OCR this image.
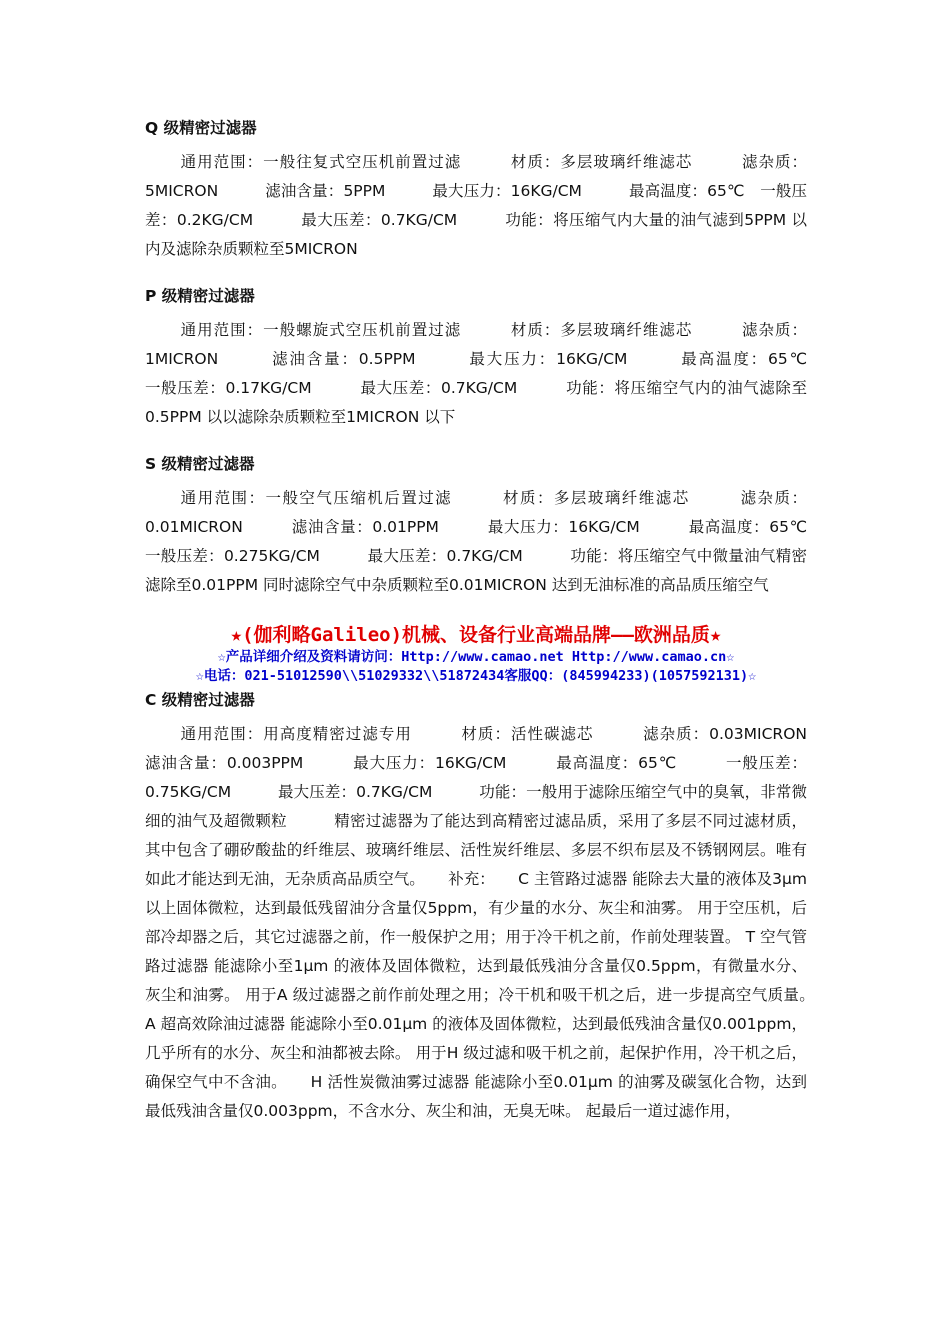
Q 级精密过滤器

通用范围：一般往复式空压机前置过滤　　　材质：多层玻璃纤维滤芯　　　滤杂质：5MICRON　　　滤油含量：5PPM　　　最大压力：16KG/CM　　　最高温度：65℃　一般压差：0.2KG/CM　　　最大压差：0.7KG/CM　　　功能：将压缩气内大量的油气滤到5PPM 以内及滤除杂质颗粒至5MICRON

P 级精密过滤器

通用范围：一般螺旋式空压机前置过滤　　　材质：多层玻璃纤维滤芯　　　滤杂质：1MICRON　　　滤油含量：0.5PPM　　　最大压力：16KG/CM　　　最高温度：65℃　　　一般压差：0.17KG/CM　　　最大压差：0.7KG/CM　　　功能：将压缩空气内的油气滤除至0.5PPM 以以滤除杂质颗粒至1MICRON 以下

S 级精密过滤器

通用范围：一般空气压缩机后置过滤　　　材质：多层玻璃纤维滤芯　　　滤杂质：0.01MICRON　　　滤油含量：0.01PPM　　　最大压力：16KG/CM　　　最高温度：65℃　　　一般压差：0.275KG/CM　　　最大压差：0.7KG/CM　　　功能：将压缩空气中微量油气精密滤除至0.01PPM 同时滤除空气中杂质颗粒至0.01MICRON 达到无油标准的高品质压缩空气

★(伽利略Galileo)机械、设备行业高端品牌——欧洲品质★
☆产品详细介绍及资料请访问：Http://www.camao.net Http://www.camao.cn☆
☆电话：021-51012590\\51029332\\51872434客服QQ：(845994233)(1057592131)☆
C 级精密过滤器

通用范围：用高度精密过滤专用　　　材质：活性碳滤芯　　　滤杂质：0.03MICRON　　　滤油含量：0.003PPM　　　最大压力：16KG/CM　　　最高温度：65℃　　　一般压差：0.75KG/CM　　　最大压差：0.7KG/CM　　　功能：一般用于滤除压缩空气中的臭氧，非常微细的油气及超微颗粒　　　精密过滤器为了能达到高精密过滤品质，采用了多层不同过滤材质，其中包含了硼矽酸盐的纤维层、玻璃纤维层、活性炭纤维层、多层不织布层及不锈钢网层。唯有如此才能达到无油，无杂质高品质空气。　　补充：　　C 主管路过滤器 能除去大量的液体及3μm 以上固体微粒，达到最低残留油分含量仅5ppm，有少量的水分、灰尘和油雾。 用于空压机，后部冷却器之后，其它过滤器之前，作一般保护之用；用于冷干机之前，作前处理装置。 T 空气管路过滤器 能滤除小至1μm 的液体及固体微粒，达到最低残油分含量仅0.5ppm，有微量水分、灰尘和油雾。 用于A 级过滤器之前作前处理之用；冷干机和吸干机之后，进一步提高空气质量。　　A 超高效除油过滤器 能滤除小至0.01μm 的液体及固体微粒，达到最低残油含量仅0.001ppm，几乎所有的水分、灰尘和油都被去除。 用于H 级过滤和吸干机之前，起保护作用，冷干机之后，确保空气中不含油。　　H 活性炭微油雾过滤器 能滤除小至0.01μm 的油雾及碳氢化合物，达到最低残油含量仅0.003ppm，不含水分、灰尘和油，无臭无味。 起最后一道过滤作用，
